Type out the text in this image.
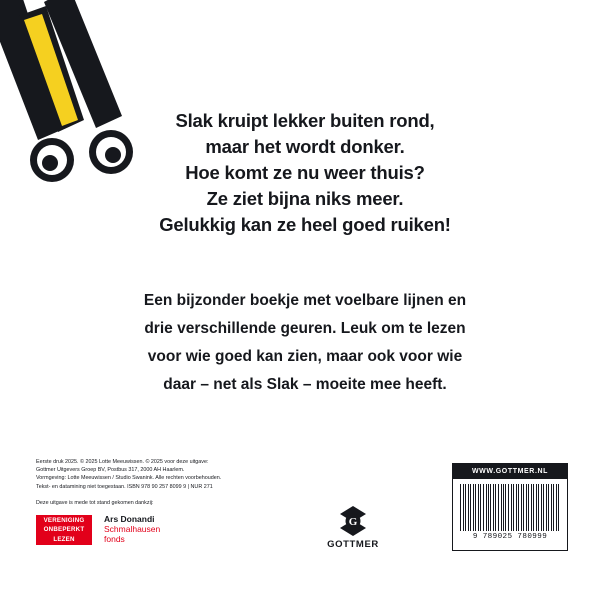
Slak kruipt lekker buiten rond,
maar het wordt donker.
Hoe komt ze nu weer thuis?
Ze ziet bijna niks meer.
Gelukkig kan ze heel goed ruiken!
Een bijzonder boekje met voelbare lijnen en
drie verschillende geuren. Leuk om te lezen
voor wie goed kan zien, maar ook voor wie
daar – net als Slak – moeite mee heeft.
Eerste druk 2025. © 2025 Lotte Meeuwissen. © 2025 voor deze uitgave:
Gottmer Uitgevers Groep BV, Postbus 317, 2000 AH Haarlem.
Vormgeving: Lotte Meeuwissen / Studio Swanink. Alle rechten voorbehouden.
Tekst- en datamining niet toegestaan. ISBN 978 90 257 8099 9 | NUR 271
Deze uitgave is mede tot stand gekomen dankzij:
VERENIGING
ONBEPERKT
LEZEN
Ars Donandi
Schmalhausen
fonds
G
GOTTMER
WWW.GOTTMER.NL
9 789025 780999
